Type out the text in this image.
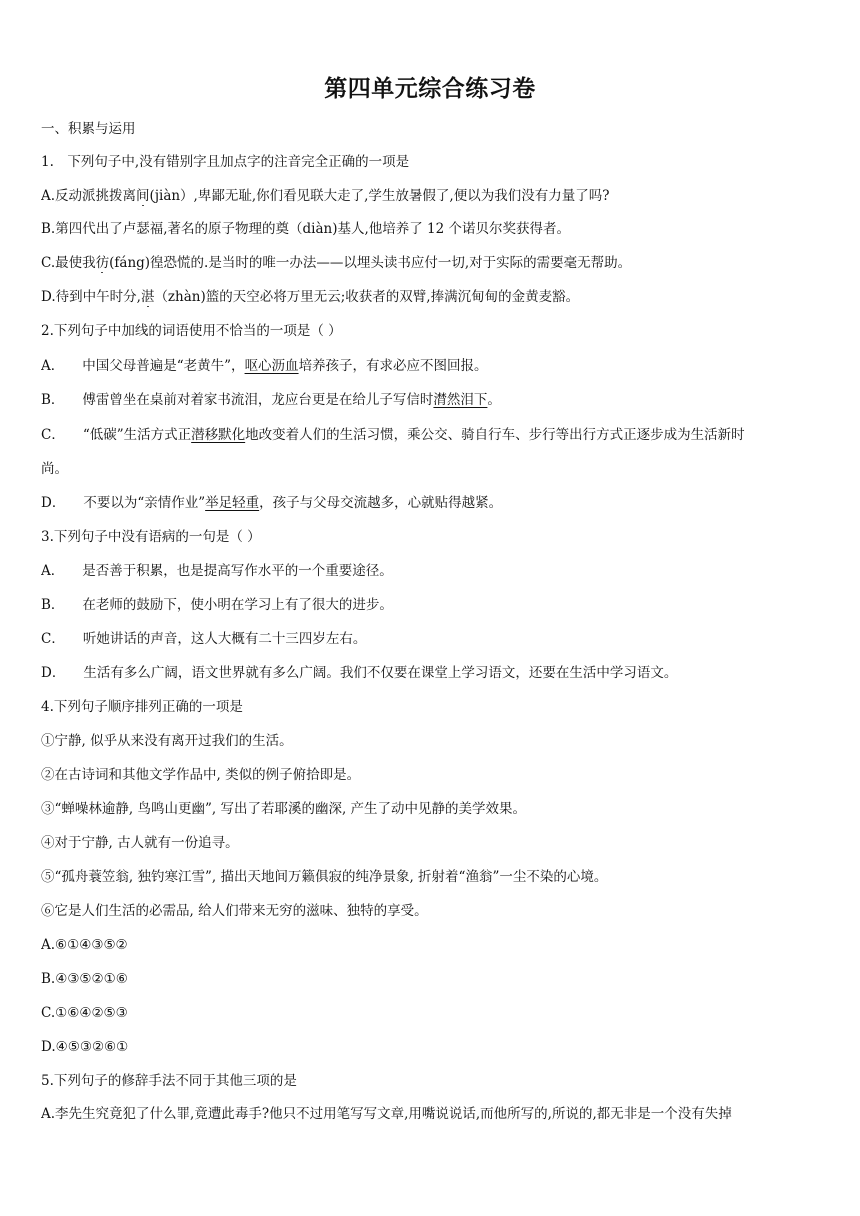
第四单元综合练习卷
一、积累与运用
1.　下列句子中,没有错别字且加点字的注音完全正确的一项是
A.反动派挑拨离间(jiàn）,卑鄙无耻,你们看见联大走了,学生放暑假了,便以为我们没有力量了吗?
B.第四代出了卢瑟福,著名的原子物理的奠（diàn)基人,他培养了 12 个诺贝尔奖获得者。
C.最使我彷(fáng)徨恐慌的.是当时的唯一办法——以埋头读书应付一切,对于实际的需要毫无帮助。
D.待到中午时分,湛（zhàn)篮的天空必将万里无云;收获者的双臂,捧满沉甸甸的金黄麦豁。
2.下列句子中加线的词语使用不恰当的一项是（ ）
A． 中国父母普遍是“老黄牛”，呕心沥血培养孩子，有求必应不图回报。
B． 傅雷曾坐在桌前对着家书流泪，龙应台更是在给儿子写信时潸然泪下。
C． “低碳”生活方式正潜移默化地改变着人们的生活习惯，乘公交、骑自行车、步行等出行方式正逐步成为生活新时
尚。
D． 不要以为“亲情作业”举足轻重，孩子与父母交流越多，心就贴得越紧。
3.下列句子中没有语病的一句是（ ）
A． 是否善于积累，也是提高写作水平的一个重要途径。
B． 在老师的鼓励下，使小明在学习上有了很大的进步。
C． 听她讲话的声音，这人大概有二十三四岁左右。
D． 生活有多么广阔，语文世界就有多么广阔。我们不仅要在课堂上学习语文，还要在生活中学习语文。
4.下列句子顺序排列正确的一项是
①宁静, 似乎从来没有离开过我们的生活。
②在古诗词和其他文学作品中, 类似的例子俯拾即是。
③“蝉噪林逾静, 鸟鸣山更幽”, 写出了若耶溪的幽深, 产生了动中见静的美学效果。
④对于宁静, 古人就有一份追寻。
⑤“孤舟蓑笠翁, 独钓寒江雪”, 描出天地间万籁俱寂的纯净景象, 折射着“渔翁”一尘不染的心境。
⑥它是人们生活的必需品, 给人们带来无穷的滋味、独特的享受。
A.⑥①④③⑤②
B.④③⑤②①⑥
C.①⑥④②⑤③
D.④⑤③②⑥①
5.下列句子的修辞手法不同于其他三项的是
A.李先生究竟犯了什么罪,竟遭此毒手?他只不过用笔写写文章,用嘴说说话,而他所写的,所说的,都无非是一个没有失掉
